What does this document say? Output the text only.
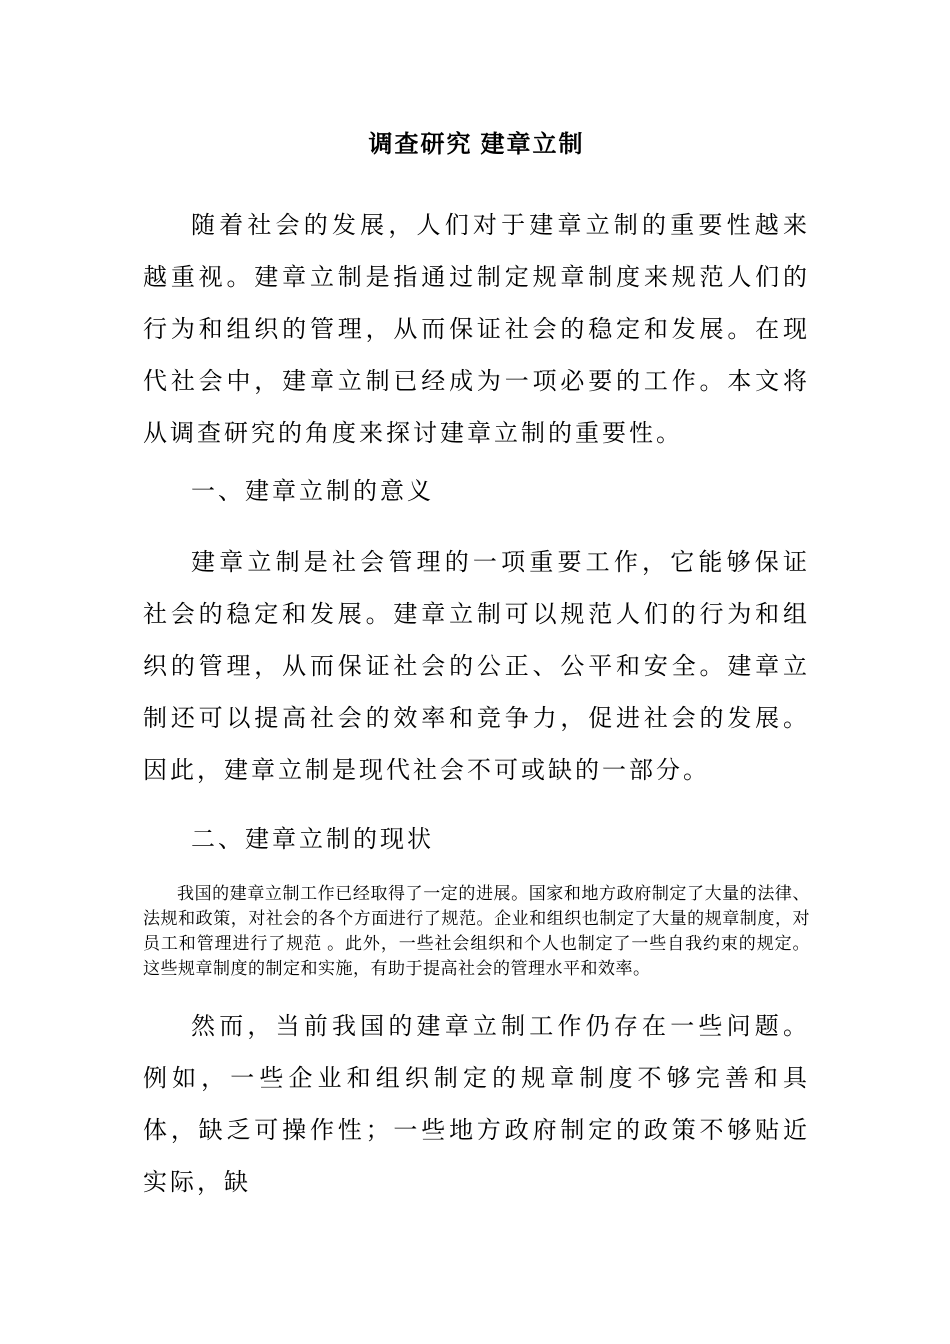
调查研究 建章立制

随着社会的发展，人们对于建章立制的重要性越来越重视。建章立制是指通过制定规章制度来规范人们的行为和组织的管理，从而保证社会的稳定和发展。在现代社会中，建章立制已经成为一项必要的工作。本文将从调查研究的角度来探讨建章立制的重要性。

一、建章立制的意义

建章立制是社会管理的一项重要工作，它能够保证社会的稳定和发展。建章立制可以规范人们的行为和组织的管理，从而保证社会的公正、公平和安全。建章立制还可以提高社会的效率和竞争力，促进社会的发展。因此，建章立制是现代社会不可或缺的一部分。

二、建章立制的现状

我国的建章立制工作已经取得了一定的进展。国家和地方政府制定了大量的法律、法规和政策，对社会的各个方面进行了规范。企业和组织也制定了大量的规章制度，对员工和管理进行了规范 。此外，一些社会组织和个人也制定了一些自我约束的规定。这些规章制度的制定和实施，有助于提高社会的管理水平和效率。

然而，当前我国的建章立制工作仍存在一些问题。例如，一些企业和组织制定的规章制度不够完善和具体，缺乏可操作性；一些地方政府制定的政策不够贴近实际，缺
